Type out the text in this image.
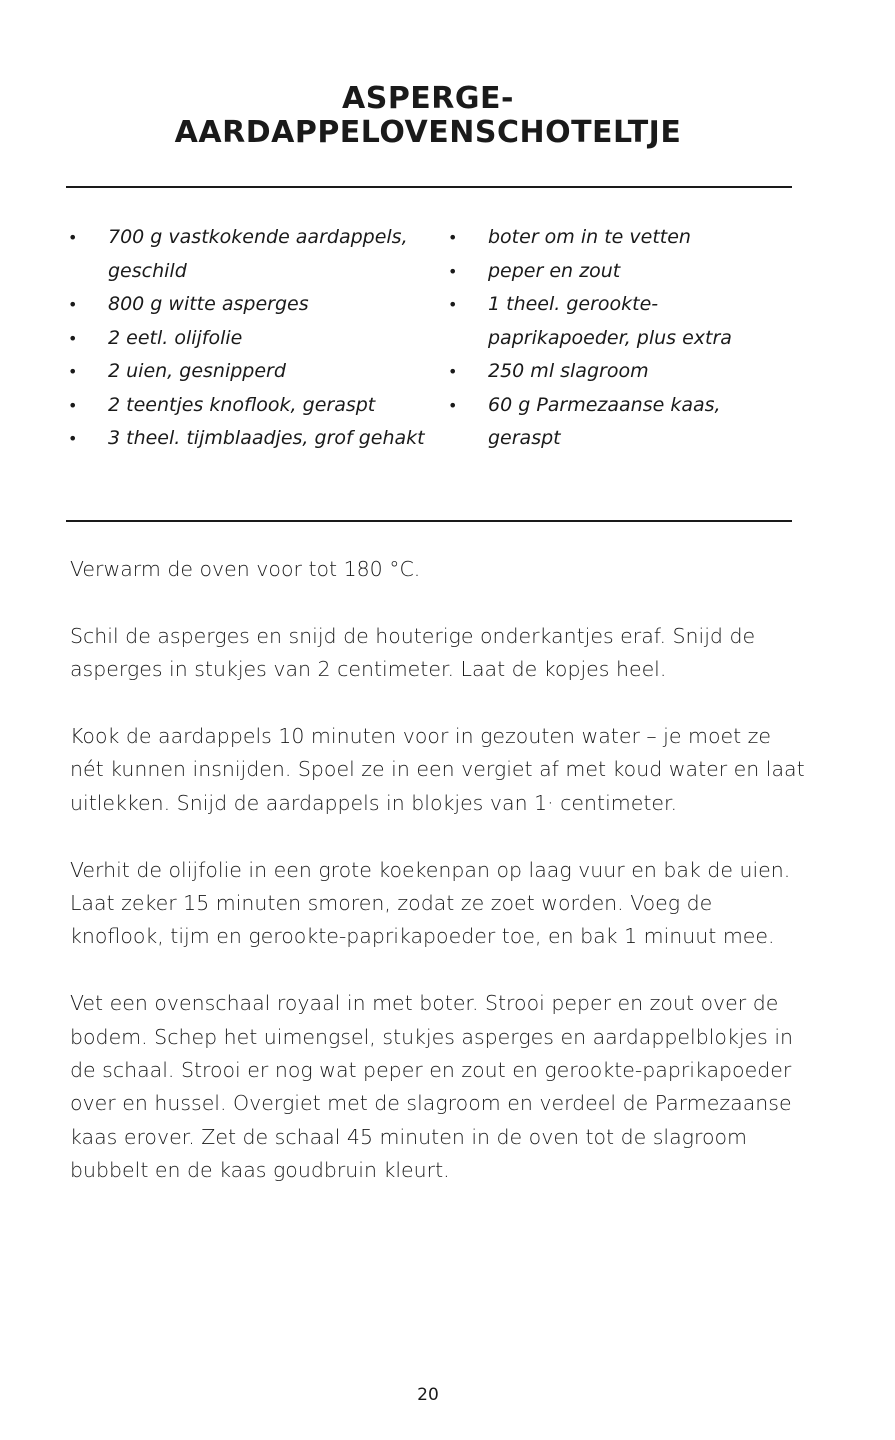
ASPERGE-
AARDAPPELOVENSCHOTELTJE
• 700 g vastkokende aardappels, geschild
• 800 g witte asperges
• 2 eetl. olijfolie
• 2 uien, gesnipperd
• 2 teentjes knoflook, geraspt
• 3 theel. tijmblaadjes, grof gehakt
• boter om in te vetten
• peper en zout
• 1 theel. gerookte-paprikapoeder, plus extra
• 250 ml slagroom
• 60 g Parmezaanse kaas, geraspt

Verwarm de oven voor tot 180 °C.

Schil de asperges en snijd de houterige onderkantjes eraf. Snijd de asperges in stukjes van 2 centimeter. Laat de kopjes heel.

Kook de aardappels 10 minuten voor in gezouten water – je moet ze nét kunnen insnijden. Spoel ze in een vergiet af met koud water en laat uitlekken. Snijd de aardappels in blokjes van 1· centimeter.

Verhit de olijfolie in een grote koekenpan op laag vuur en bak de uien. Laat zeker 15 minuten smoren, zodat ze zoet worden. Voeg de knoflook, tijm en gerookte-paprikapoeder toe, en bak 1 minuut mee.

Vet een ovenschaal royaal in met boter. Strooi peper en zout over de bodem. Schep het uimengsel, stukjes asperges en aardappelblokjes in de schaal. Strooi er nog wat peper en zout en gerookte-paprikapoeder over en hussel. Overgiet met de slagroom en verdeel de Parmezaanse kaas erover. Zet de schaal 45 minuten in de oven tot de slagroom bubbelt en de kaas goudbruin kleurt.

20
